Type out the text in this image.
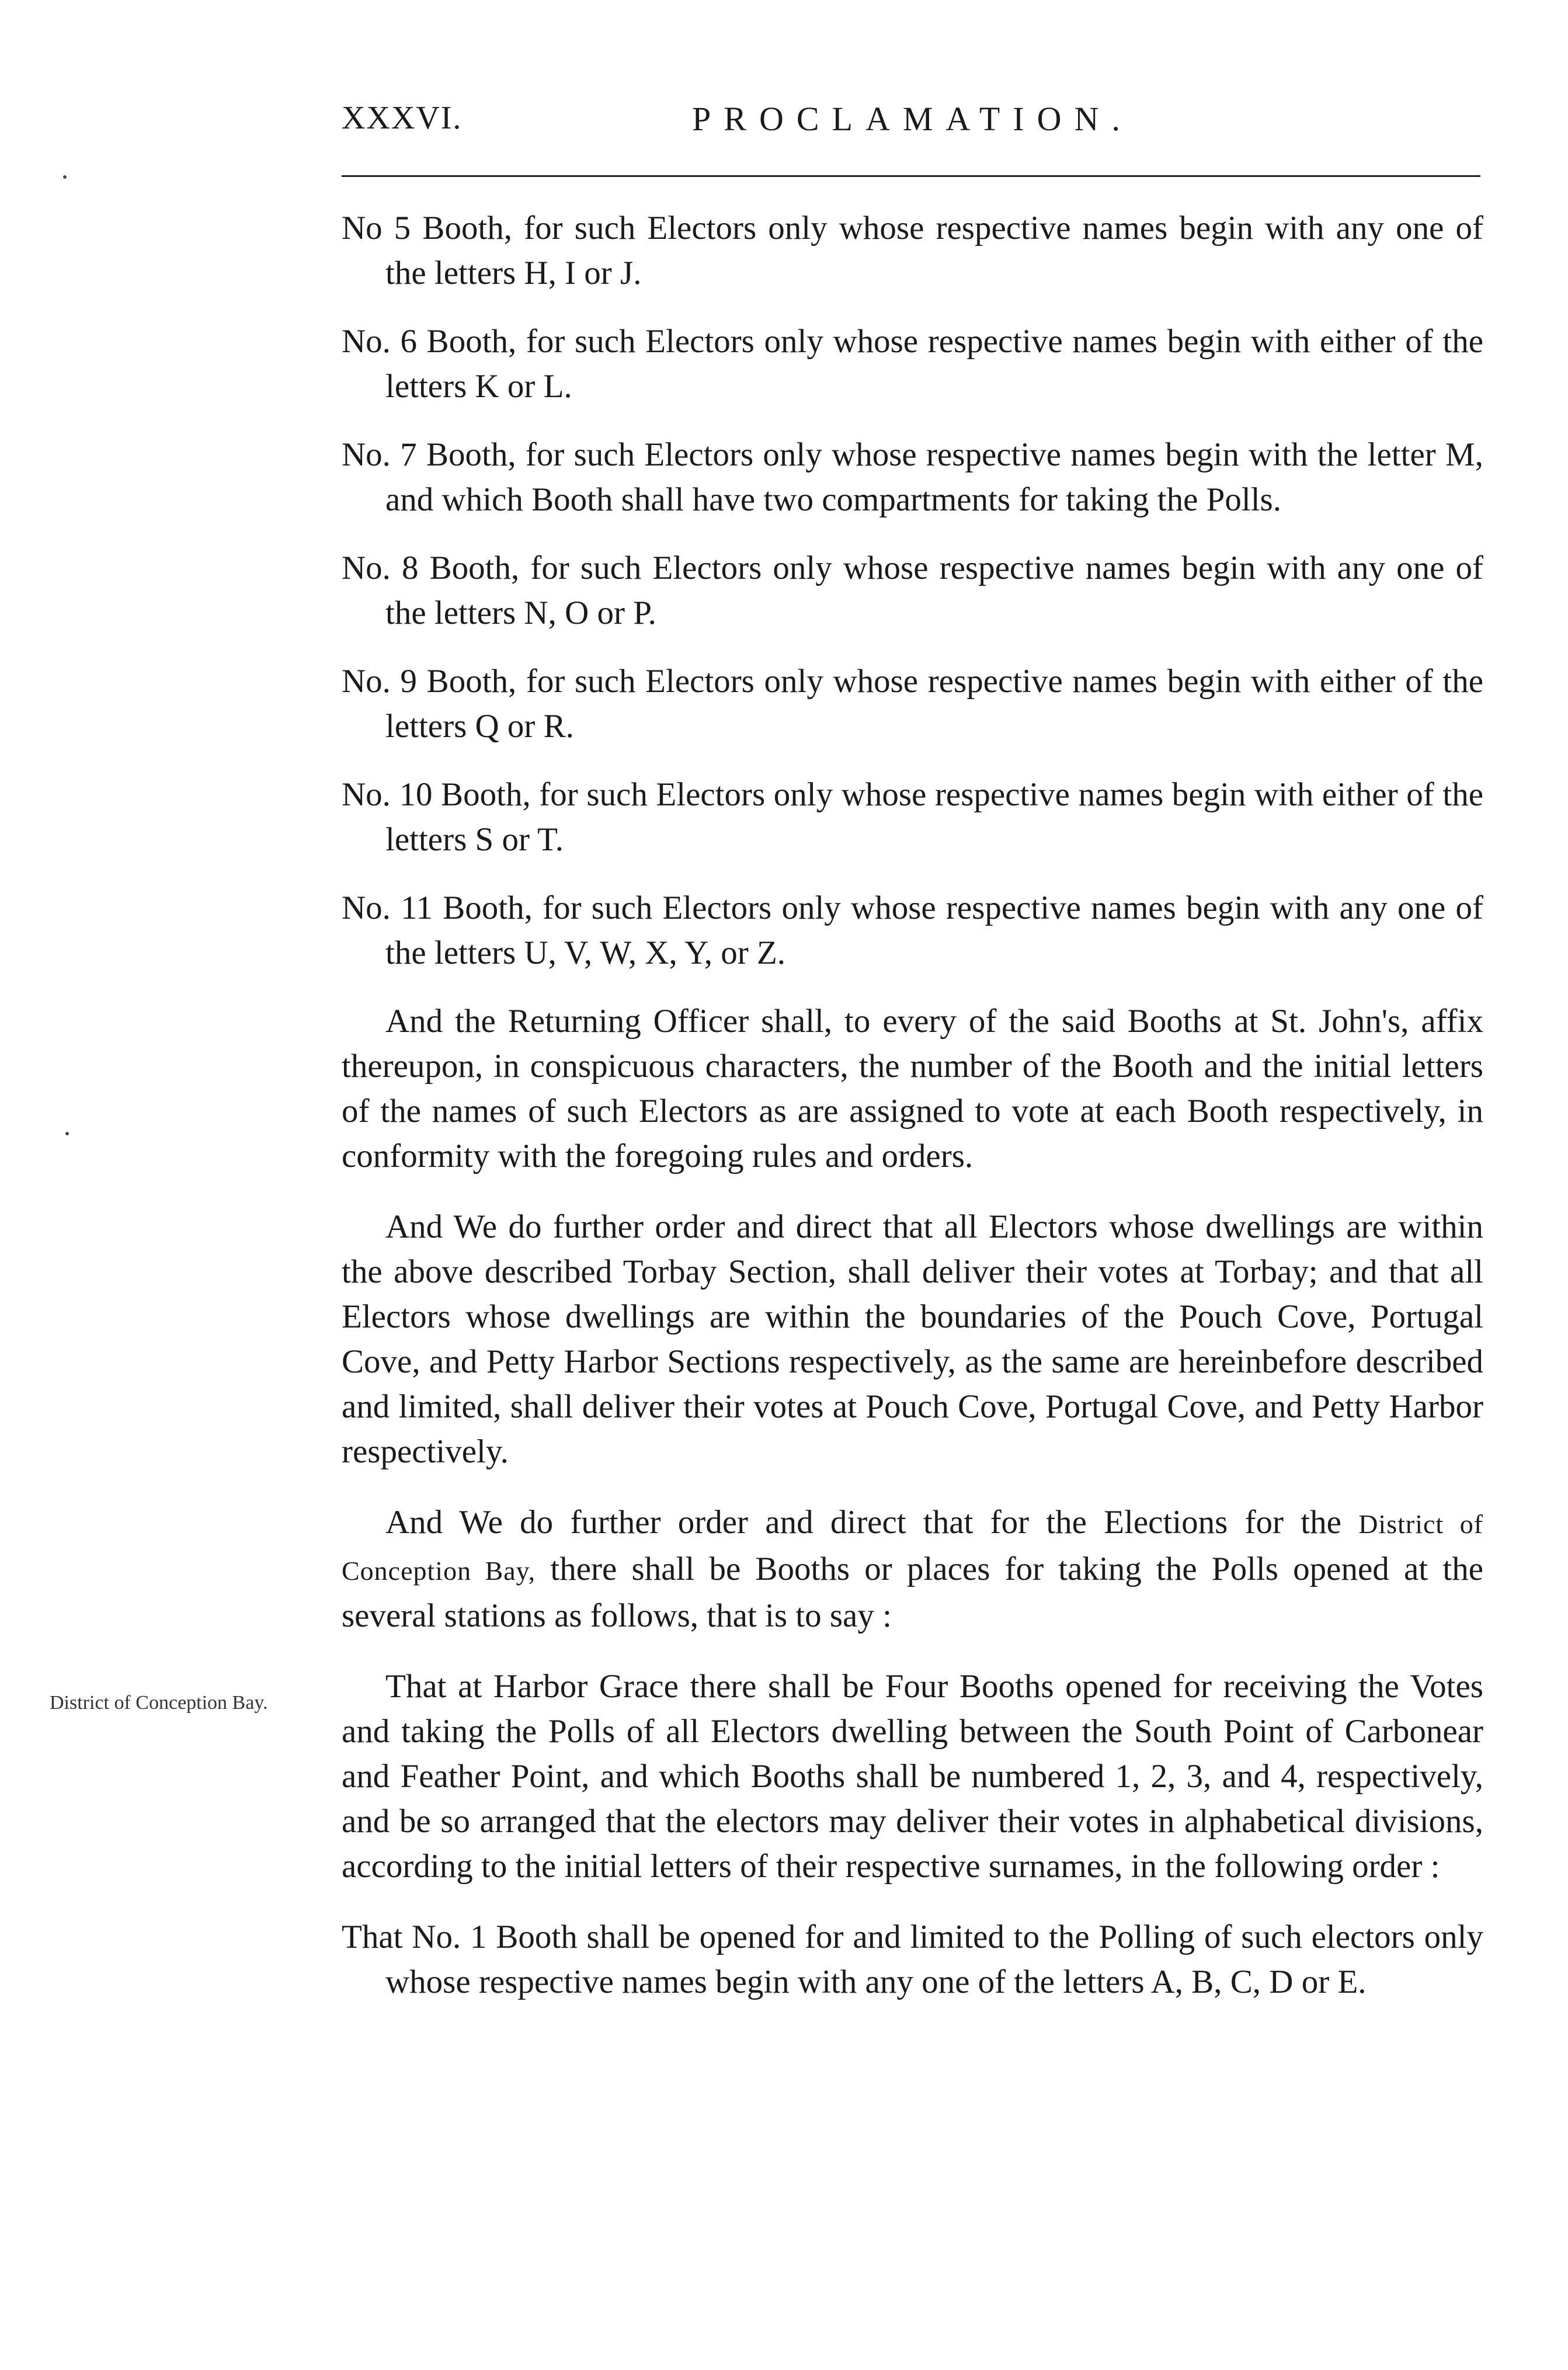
XXXVI.	PROCLAMATION.

No 5 Booth, for such Electors only whose respective names begin with any one of the letters H, I or J.

No. 6 Booth, for such Electors only whose respective names begin with either of the letters K or L.

No. 7 Booth, for such Electors only whose respective names begin with the letter M, and which Booth shall have two compartments for taking the Polls.

No. 8 Booth, for such Electors only whose respective names begin with any one of the letters N, O or P.

No. 9 Booth, for such Electors only whose respective names begin with either of the letters Q or R.

No. 10 Booth, for such Electors only whose respective names begin with either of the letters S or T.

No. 11 Booth, for such Electors only whose respective names begin with any one of the letters U, V, W, X, Y, or Z.

And the Returning Officer shall, to every of the said Booths at St. John's, affix thereupon, in conspicuous characters, the number of the Booth and the initial letters of the names of such Electors as are assigned to vote at each Booth respectively, in conformity with the foregoing rules and orders.

And We do further order and direct that all Electors whose dwellings are within the above described Torbay Section, shall deliver their votes at Torbay; and that all Electors whose dwellings are within the boundaries of the Pouch Cove, Portugal Cove, and Petty Harbor Sections respectively, as the same are hereinbefore described and limited, shall deliver their votes at Pouch Cove, Portugal Cove, and Petty Harbor respectively.

And We do further order and direct that for the Elections for the District of Conception Bay, there shall be Booths or places for taking the Polls opened at the several stations as follows, that is to say :

That at Harbor Grace there shall be Four Booths opened for receiving the Votes and taking the Polls of all Electors dwelling between the South Point of Carbonear and Feather Point, and which Booths shall be numbered 1, 2, 3, and 4, respectively, and be so arranged that the electors may deliver their votes in alphabetical divisions, according to the initial letters of their respective surnames, in the following order :

That No. 1 Booth shall be opened for and limited to the Polling of such electors only whose respective names begin with any one of the letters A, B, C, D or E.

District of Conception Bay.
